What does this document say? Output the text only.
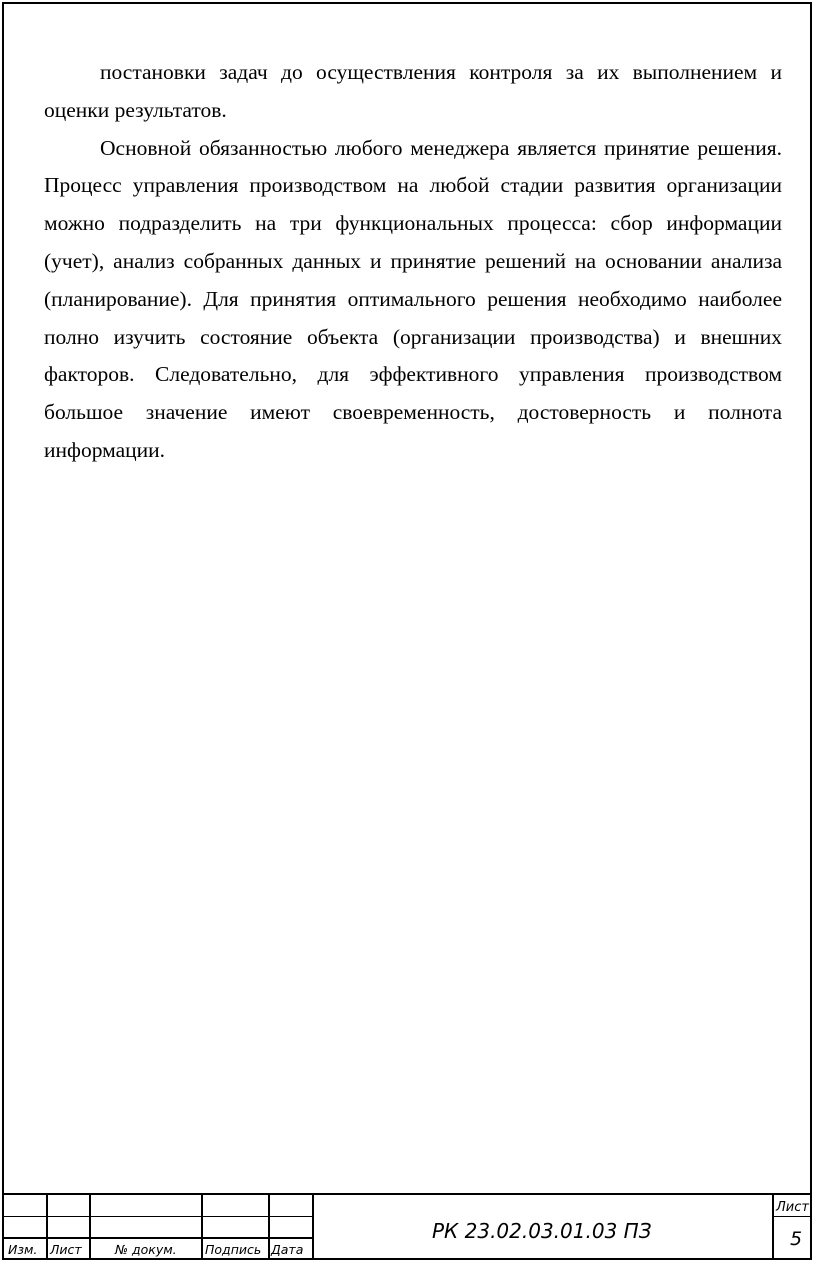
постановки задач до осуществления контроля за их выполнением и оценки результатов.

Основной обязанностью любого менеджера является принятие решения. Процесс управления производством на любой стадии развития организации можно подразделить на три функциональных процесса: сбор информации (учет), анализ собранных данных и принятие решений на основании анализа (планирование). Для принятия оптимального решения необходимо наиболее полно изучить состояние объекта (организации производства) и внешних факторов. Следовательно, для эффективного управления производством большое значение имеют своевременность, достоверность и полнота информации.

Изм. Лист	№ докум. Подпись Дата
РК 23.02.03.01.03 ПЗ
Лист
5
